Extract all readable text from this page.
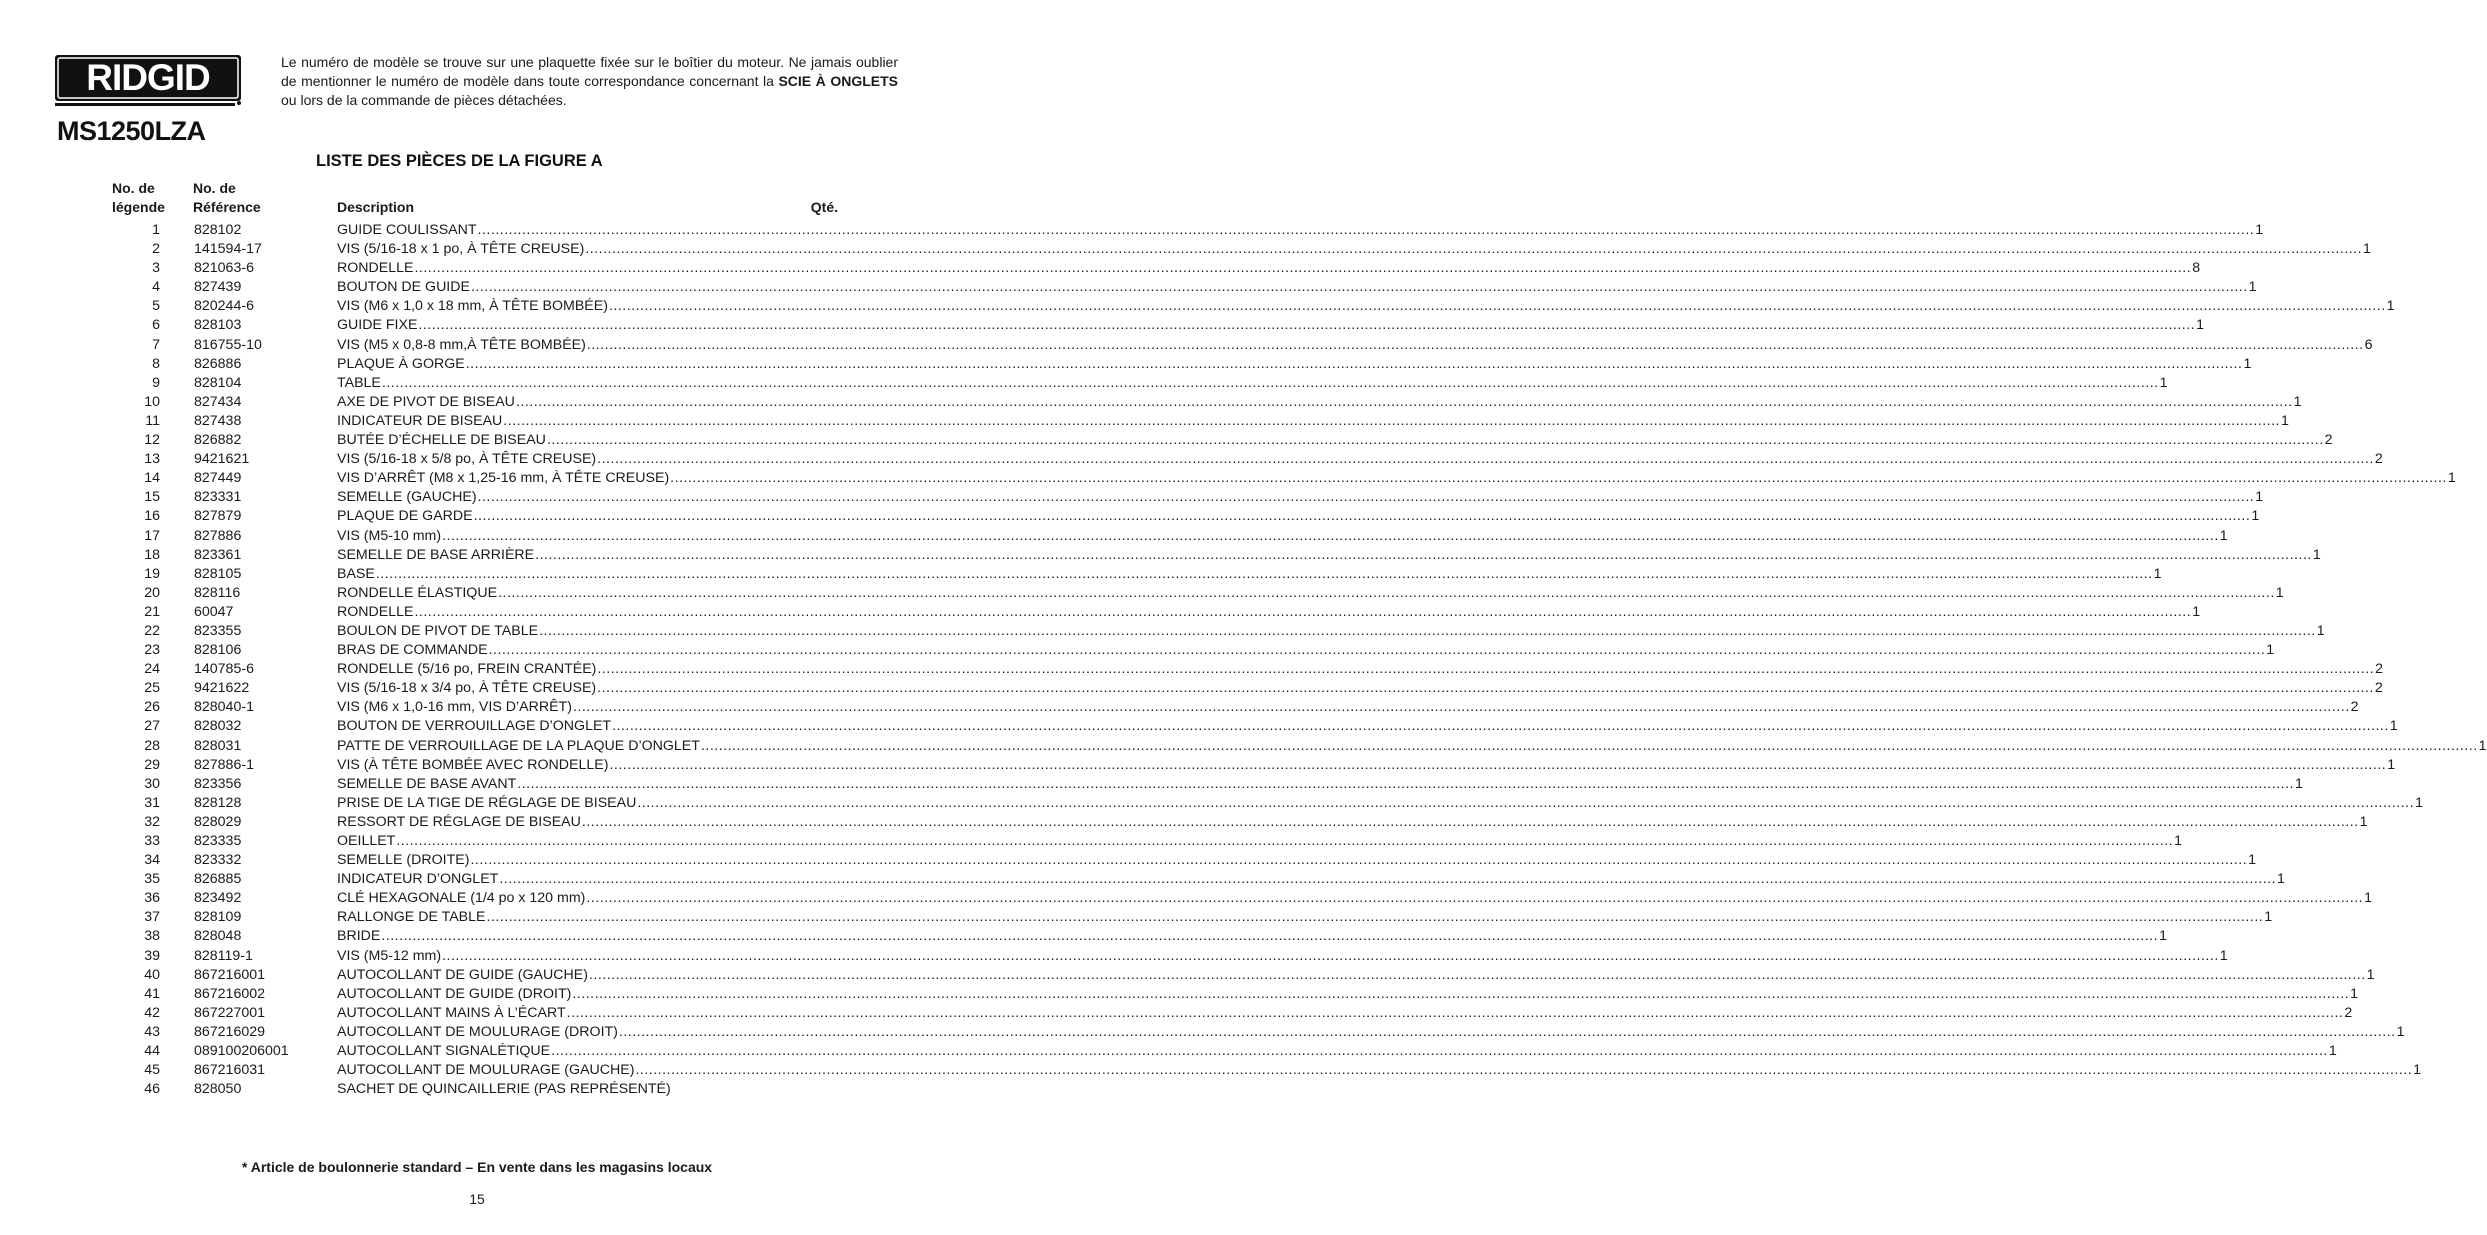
RIDGID
MS1250LZA
Le numéro de modèle se trouve sur une plaquette fixée sur le boîtier du moteur. Ne jamais oublier de mentionner le numéro de modèle dans toute correspondance concernant la SCIE À ONGLETS ou lors de la commande de pièces détachées.
LISTE DES PIÈCES DE LA FIGURE A
No. de
légende
No. de
Référence	Description	Qté.
1 828102	GUIDE COULISSANT ................................................................................................................................................................................................................................................................................................................................................................................................................ 1
2 141594-17	VIS (5/16-18 x 1 po, À TÊTE CREUSE) ................................................................................................................................................................................................................................................................................................................................................................................................................ 1
3 821063-6	RONDELLE ................................................................................................................................................................................................................................................................................................................................................................................................................ 8
4 827439	BOUTON DE GUIDE ................................................................................................................................................................................................................................................................................................................................................................................................................ 1
5 820244-6	VIS (M6 x 1,0 x 18 mm, À TÊTE BOMBÉE) ................................................................................................................................................................................................................................................................................................................................................................................................................ 1
6 828103	GUIDE FIXE ................................................................................................................................................................................................................................................................................................................................................................................................................ 1
7 816755-10	VIS (M5 x 0,8-8 mm,À TÊTE BOMBÉE) ................................................................................................................................................................................................................................................................................................................................................................................................................ 6
8 826886	PLAQUE À GORGE ................................................................................................................................................................................................................................................................................................................................................................................................................ 1
9 828104	TABLE ................................................................................................................................................................................................................................................................................................................................................................................................................ 1
10 827434	AXE DE PIVOT DE BISEAU ................................................................................................................................................................................................................................................................................................................................................................................................................ 1
11 827438	INDICATEUR DE BISEAU ................................................................................................................................................................................................................................................................................................................................................................................................................ 1
12 826882	BUTÉE D’ÉCHELLE DE BISEAU ................................................................................................................................................................................................................................................................................................................................................................................................................ 2
13 9421621	VIS (5/16-18 x 5/8 po, À TÊTE CREUSE) ................................................................................................................................................................................................................................................................................................................................................................................................................ 2
14 827449	VIS D’ARRÊT (M8 x 1,25-16 mm, À TÊTE CREUSE) ................................................................................................................................................................................................................................................................................................................................................................................................................ 1
15 823331	SEMELLE (GAUCHE) ................................................................................................................................................................................................................................................................................................................................................................................................................ 1
16 827879	PLAQUE DE GARDE ................................................................................................................................................................................................................................................................................................................................................................................................................ 1
17 827886	VIS (M5-10 mm) ................................................................................................................................................................................................................................................................................................................................................................................................................ 1
18 823361	SEMELLE DE BASE ARRIÈRE ................................................................................................................................................................................................................................................................................................................................................................................................................ 1
19 828105	BASE ................................................................................................................................................................................................................................................................................................................................................................................................................ 1
20 828116	RONDELLE ÉLASTIQUE ................................................................................................................................................................................................................................................................................................................................................................................................................ 1
21 60047	RONDELLE ................................................................................................................................................................................................................................................................................................................................................................................................................ 1
22 823355	BOULON DE PIVOT DE TABLE ................................................................................................................................................................................................................................................................................................................................................................................................................ 1
23 828106	BRAS DE COMMANDE ................................................................................................................................................................................................................................................................................................................................................................................................................ 1
24 140785-6	RONDELLE (5/16 po, FREIN CRANTÉE) ................................................................................................................................................................................................................................................................................................................................................................................................................ 2
25 9421622	VIS (5/16-18 x 3/4 po, À TÊTE CREUSE) ................................................................................................................................................................................................................................................................................................................................................................................................................ 2
26 828040-1	VIS (M6 x 1,0-16 mm, VIS D’ARRÊT) ................................................................................................................................................................................................................................................................................................................................................................................................................ 2
27 828032	BOUTON DE VERROUILLAGE D’ONGLET ................................................................................................................................................................................................................................................................................................................................................................................................................ 1
28 828031	PATTE DE VERROUILLAGE DE LA PLAQUE D’ONGLET ................................................................................................................................................................................................................................................................................................................................................................................................................ 1
29 827886-1	VIS (À TÊTE BOMBÉE AVEC RONDELLE) ................................................................................................................................................................................................................................................................................................................................................................................................................ 1
30 823356	SEMELLE DE BASE AVANT ................................................................................................................................................................................................................................................................................................................................................................................................................ 1
31 828128	PRISE DE LA TIGE DE RÉGLAGE DE BISEAU ................................................................................................................................................................................................................................................................................................................................................................................................................ 1
32 828029	RESSORT DE RÉGLAGE DE BISEAU ................................................................................................................................................................................................................................................................................................................................................................................................................ 1
33 823335	OEILLET ................................................................................................................................................................................................................................................................................................................................................................................................................ 1
34 823332	SEMELLE (DROITE) ................................................................................................................................................................................................................................................................................................................................................................................................................ 1
35 826885	INDICATEUR D’ONGLET ................................................................................................................................................................................................................................................................................................................................................................................................................ 1
36 823492	CLÉ HEXAGONALE (1/4 po x 120 mm) ................................................................................................................................................................................................................................................................................................................................................................................................................ 1
37 828109	RALLONGE DE TABLE ................................................................................................................................................................................................................................................................................................................................................................................................................ 1
38 828048	BRIDE ................................................................................................................................................................................................................................................................................................................................................................................................................ 1
39 828119-1	VIS (M5-12 mm) ................................................................................................................................................................................................................................................................................................................................................................................................................ 1
40 867216001	AUTOCOLLANT DE GUIDE (GAUCHE) ................................................................................................................................................................................................................................................................................................................................................................................................................ 1
41 867216002	AUTOCOLLANT DE GUIDE (DROIT) ................................................................................................................................................................................................................................................................................................................................................................................................................ 1
42 867227001	AUTOCOLLANT MAINS À L’ÉCART ................................................................................................................................................................................................................................................................................................................................................................................................................ 2
43 867216029	AUTOCOLLANT DE MOULURAGE (DROIT) ................................................................................................................................................................................................................................................................................................................................................................................................................ 1
44 089100206001	AUTOCOLLANT SIGNALÉTIQUE ................................................................................................................................................................................................................................................................................................................................................................................................................ 1
45 867216031	AUTOCOLLANT DE MOULURAGE (GAUCHE) ................................................................................................................................................................................................................................................................................................................................................................................................................ 1
46 828050	SACHET DE QUINCAILLERIE (PAS REPRÉSENTÉ)
* Article de boulonnerie standard – En vente dans les magasins locaux
15
